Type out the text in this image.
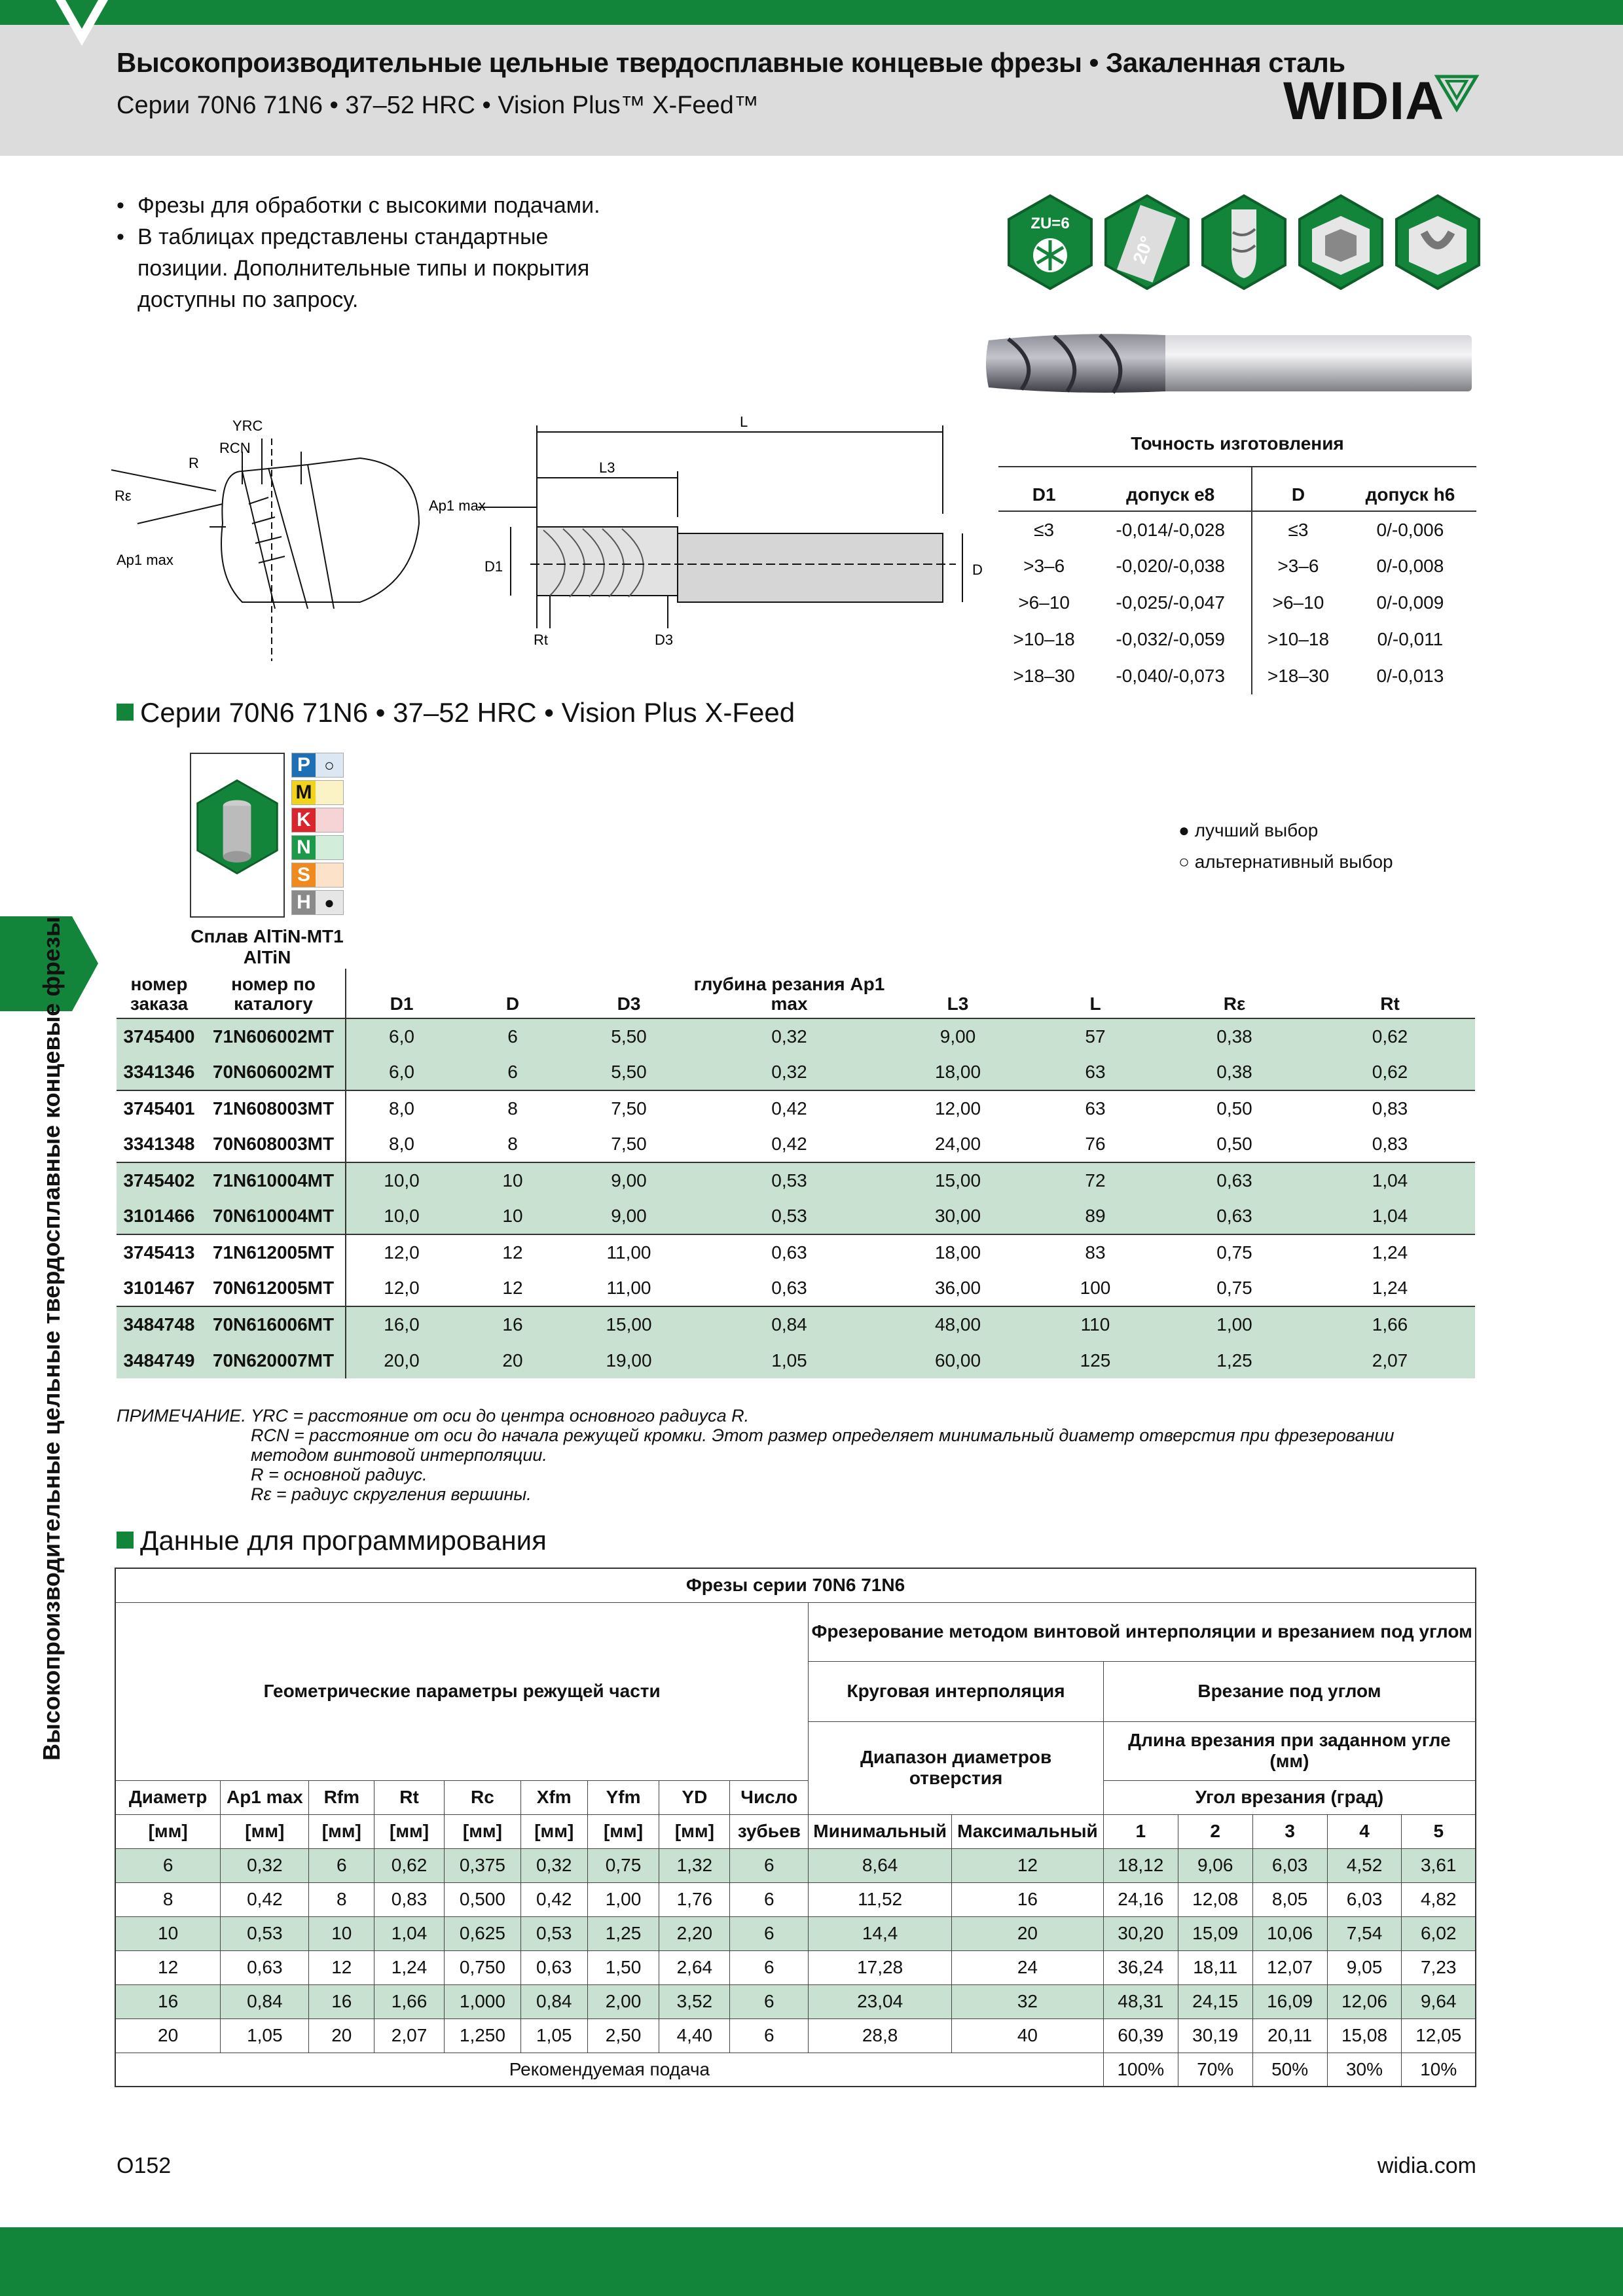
Высокопроизводительные цельные твердосплавные концевые фрезы • Закаленная сталь
Серии 70N6 71N6 • 37–52 HRC • Vision Plus™ X-Feed™	WIDIA
• Фрезы для обработки с высокими подачами.
• В таблицах представлены стандартные позиции. Дополнительные типы и покрытия доступны по запросу.
ZU=6
20°
YRC
RCN
R
Rε
Ap1 max
L
L3
Ap1 max
D1	D
Rt	D3
Точность изготовления
D1	допуск e8	D	допуск h6
≤3	-0,014/-0,028	≤3	0/-0,006
>3–6	-0,020/-0,038	>3–6	0/-0,008
>6–10	-0,025/-0,047	>6–10	0/-0,009
>10–18	-0,032/-0,059	>10–18	0/-0,011
>18–30	-0,040/-0,073	>18–30	0/-0,013
Серии 70N6 71N6 • 37–52 HRC • Vision Plus X-Feed
P ○
M
K
N
S
H ●
● лучший выбор
○ альтернативный выбор
Сплав AlTiN-MT1
AlTiN
номер заказа	номер по каталогу	D1	D	D3	глубина резания Ap1 max	L3	L	Rε	Rt
3745400	71N606002MT	6,0	6	5,50	0,32	9,00	57	0,38	0,62
3341346	70N606002MT	6,0	6	5,50	0,32	18,00	63	0,38	0,62
3745401	71N608003MT	8,0	8	7,50	0,42	12,00	63	0,50	0,83
3341348	70N608003MT	8,0	8	7,50	0,42	24,00	76	0,50	0,83
3745402	71N610004MT	10,0	10	9,00	0,53	15,00	72	0,63	1,04
3101466	70N610004MT	10,0	10	9,00	0,53	30,00	89	0,63	1,04
3745413	71N612005MT	12,0	12	11,00	0,63	18,00	83	0,75	1,24
3101467	70N612005MT	12,0	12	11,00	0,63	36,00	100	0,75	1,24
3484748	70N616006MT	16,0	16	15,00	0,84	48,00	110	1,00	1,66
3484749	70N620007MT	20,0	20	19,00	1,05	60,00	125	1,25	2,07
ПРИМЕЧАНИЕ. YRC = расстояние от оси до центра основного радиуса R.
RCN = расстояние от оси до начала режущей кромки. Этот размер определяет минимальный диаметр отверстия при фрезеровании методом винтовой интерполяции.
R = основной радиус.
Rε = радиус скругления вершины.
Данные для программирования
Фрезы серии 70N6 71N6															
Геометрические параметры режущей части									Фрезерование методом винтовой интерполяции и врезанием под углом						
									Круговая интерполяция		Врезание под углом				
									Диапазон диаметров отверстия		Длина врезания при заданном угле (мм)				
Диаметр	Ap1 max	Rfm	Rt	Rc	Xfm	Yfm	YD	Число			Угол врезания (град)				
[мм]	[мм]	[мм]	[мм]	[мм]	[мм]	[мм]	[мм]	зубьев	Минимальный	Максимальный	1	2	3	4	5
6	0,32	6	0,62	0,375	0,32	0,75	1,32	6	8,64	12	18,12	9,06	6,03	4,52	3,61
8	0,42	8	0,83	0,500	0,42	1,00	1,76	6	11,52	16	24,16	12,08	8,05	6,03	4,82
10	0,53	10	1,04	0,625	0,53	1,25	2,20	6	14,4	20	30,20	15,09	10,06	7,54	6,02
12	0,63	12	1,24	0,750	0,63	1,50	2,64	6	17,28	24	36,24	18,11	12,07	9,05	7,23
16	0,84	16	1,66	1,000	0,84	2,00	3,52	6	23,04	32	48,31	24,15	16,09	12,06	9,64
20	1,05	20	2,07	1,250	1,05	2,50	4,40	6	28,8	40	60,39	30,19	20,11	15,08	12,05
Рекомендуемая подача											100%	70%	50%	30%	10%
Высокопроизводительные цельные твердосплавные концевые фрезы
O152	widia.com
